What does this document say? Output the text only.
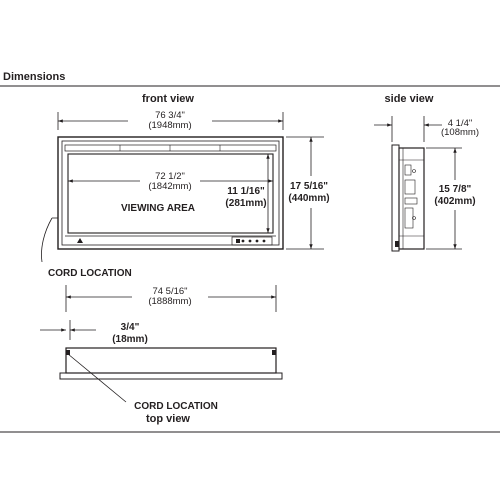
Dimensions
front view
76 3/4"
(1948mm)
72 1/2"
(1842mm)	11 1/16"
(281mm)
VIEWING AREA
17 5/16"
(440mm)
CORD LOCATION
side view
4 1/4"
(108mm)
15 7/8"
(402mm)
74 5/16"
(1888mm)
3/4"
(18mm)
CORD LOCATION
top view
